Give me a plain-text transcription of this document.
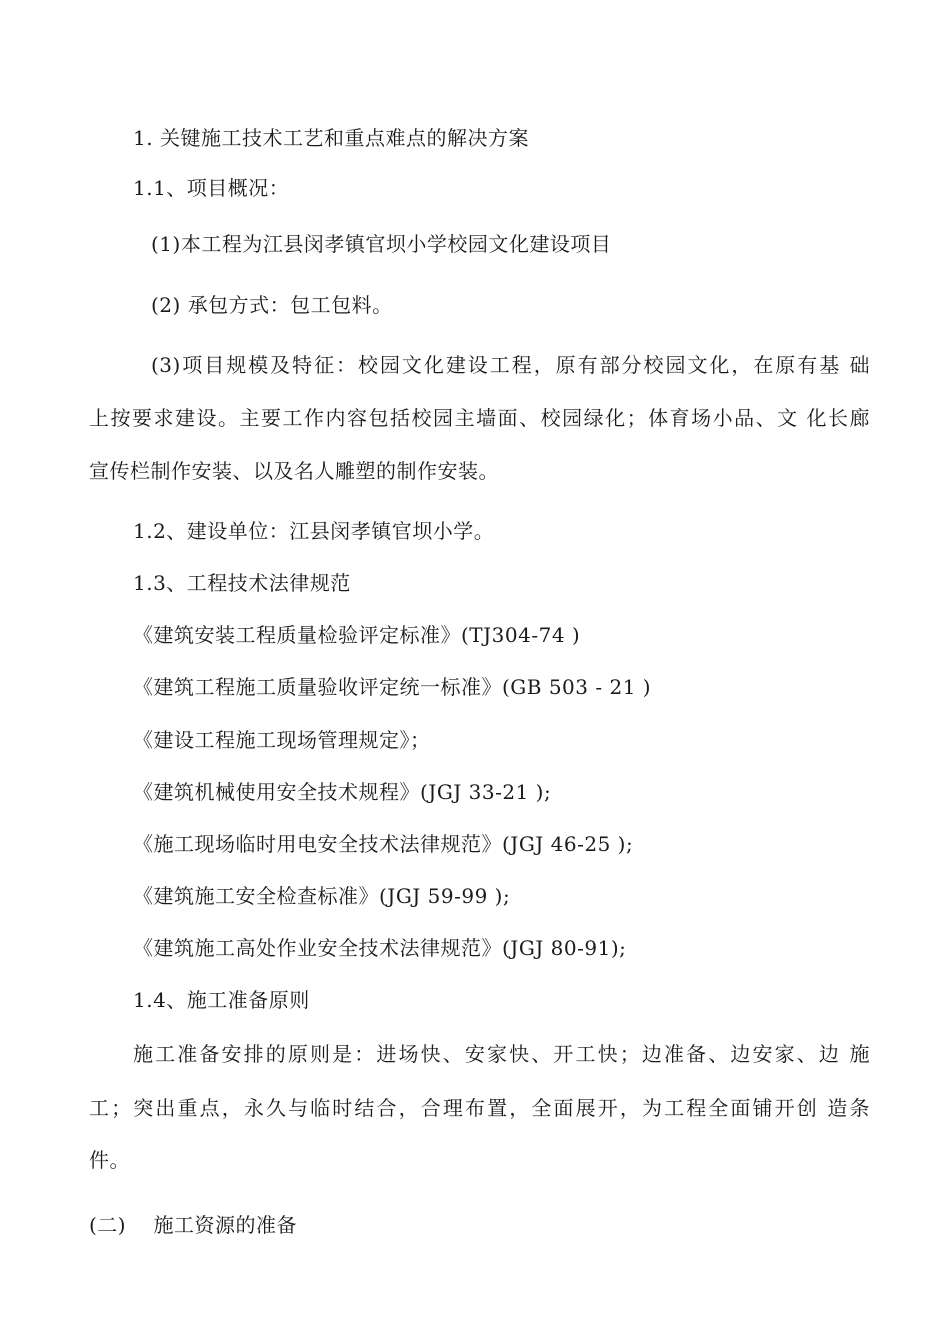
1. 关键施工技术工艺和重点难点的解决方案
1.1、项目概况：
(1)本工程为江县闵孝镇官坝小学校园文化建设项目
(2) 承包方式：包工包料。
(3)项目规模及特征：校园文化建设工程，原有部分校园文化，在原有基 础
上按要求建设。主要工作内容包括校园主墙面、校园绿化；体育场小品、文 化长廊
宣传栏制作安装、以及名人雕塑的制作安装。
1.2、建设单位：江县闵孝镇官坝小学。
1.3、工程技术法律规范
《建筑安装工程质量检验评定标准》(TJ304-74 )
《建筑工程施工质量验收评定统一标准》(GB 503 - 21 )
《建设工程施工现场管理规定》；
《建筑机械使用安全技术规程》(JGJ 33-21 );
《施工现场临时用电安全技术法律规范》(JGJ 46-25 );
《建筑施工安全检查标准》(JGJ 59-99 );
《建筑施工高处作业安全技术法律规范》(JGJ 80-91);
1.4、施工准备原则
施工准备安排的原则是：进场快、安家快、开工快；边准备、边安家、边 施
工；突出重点，永久与临时结合，合理布置，全面展开，为工程全面铺开创 造条
件。
(二)    施工资源的准备
